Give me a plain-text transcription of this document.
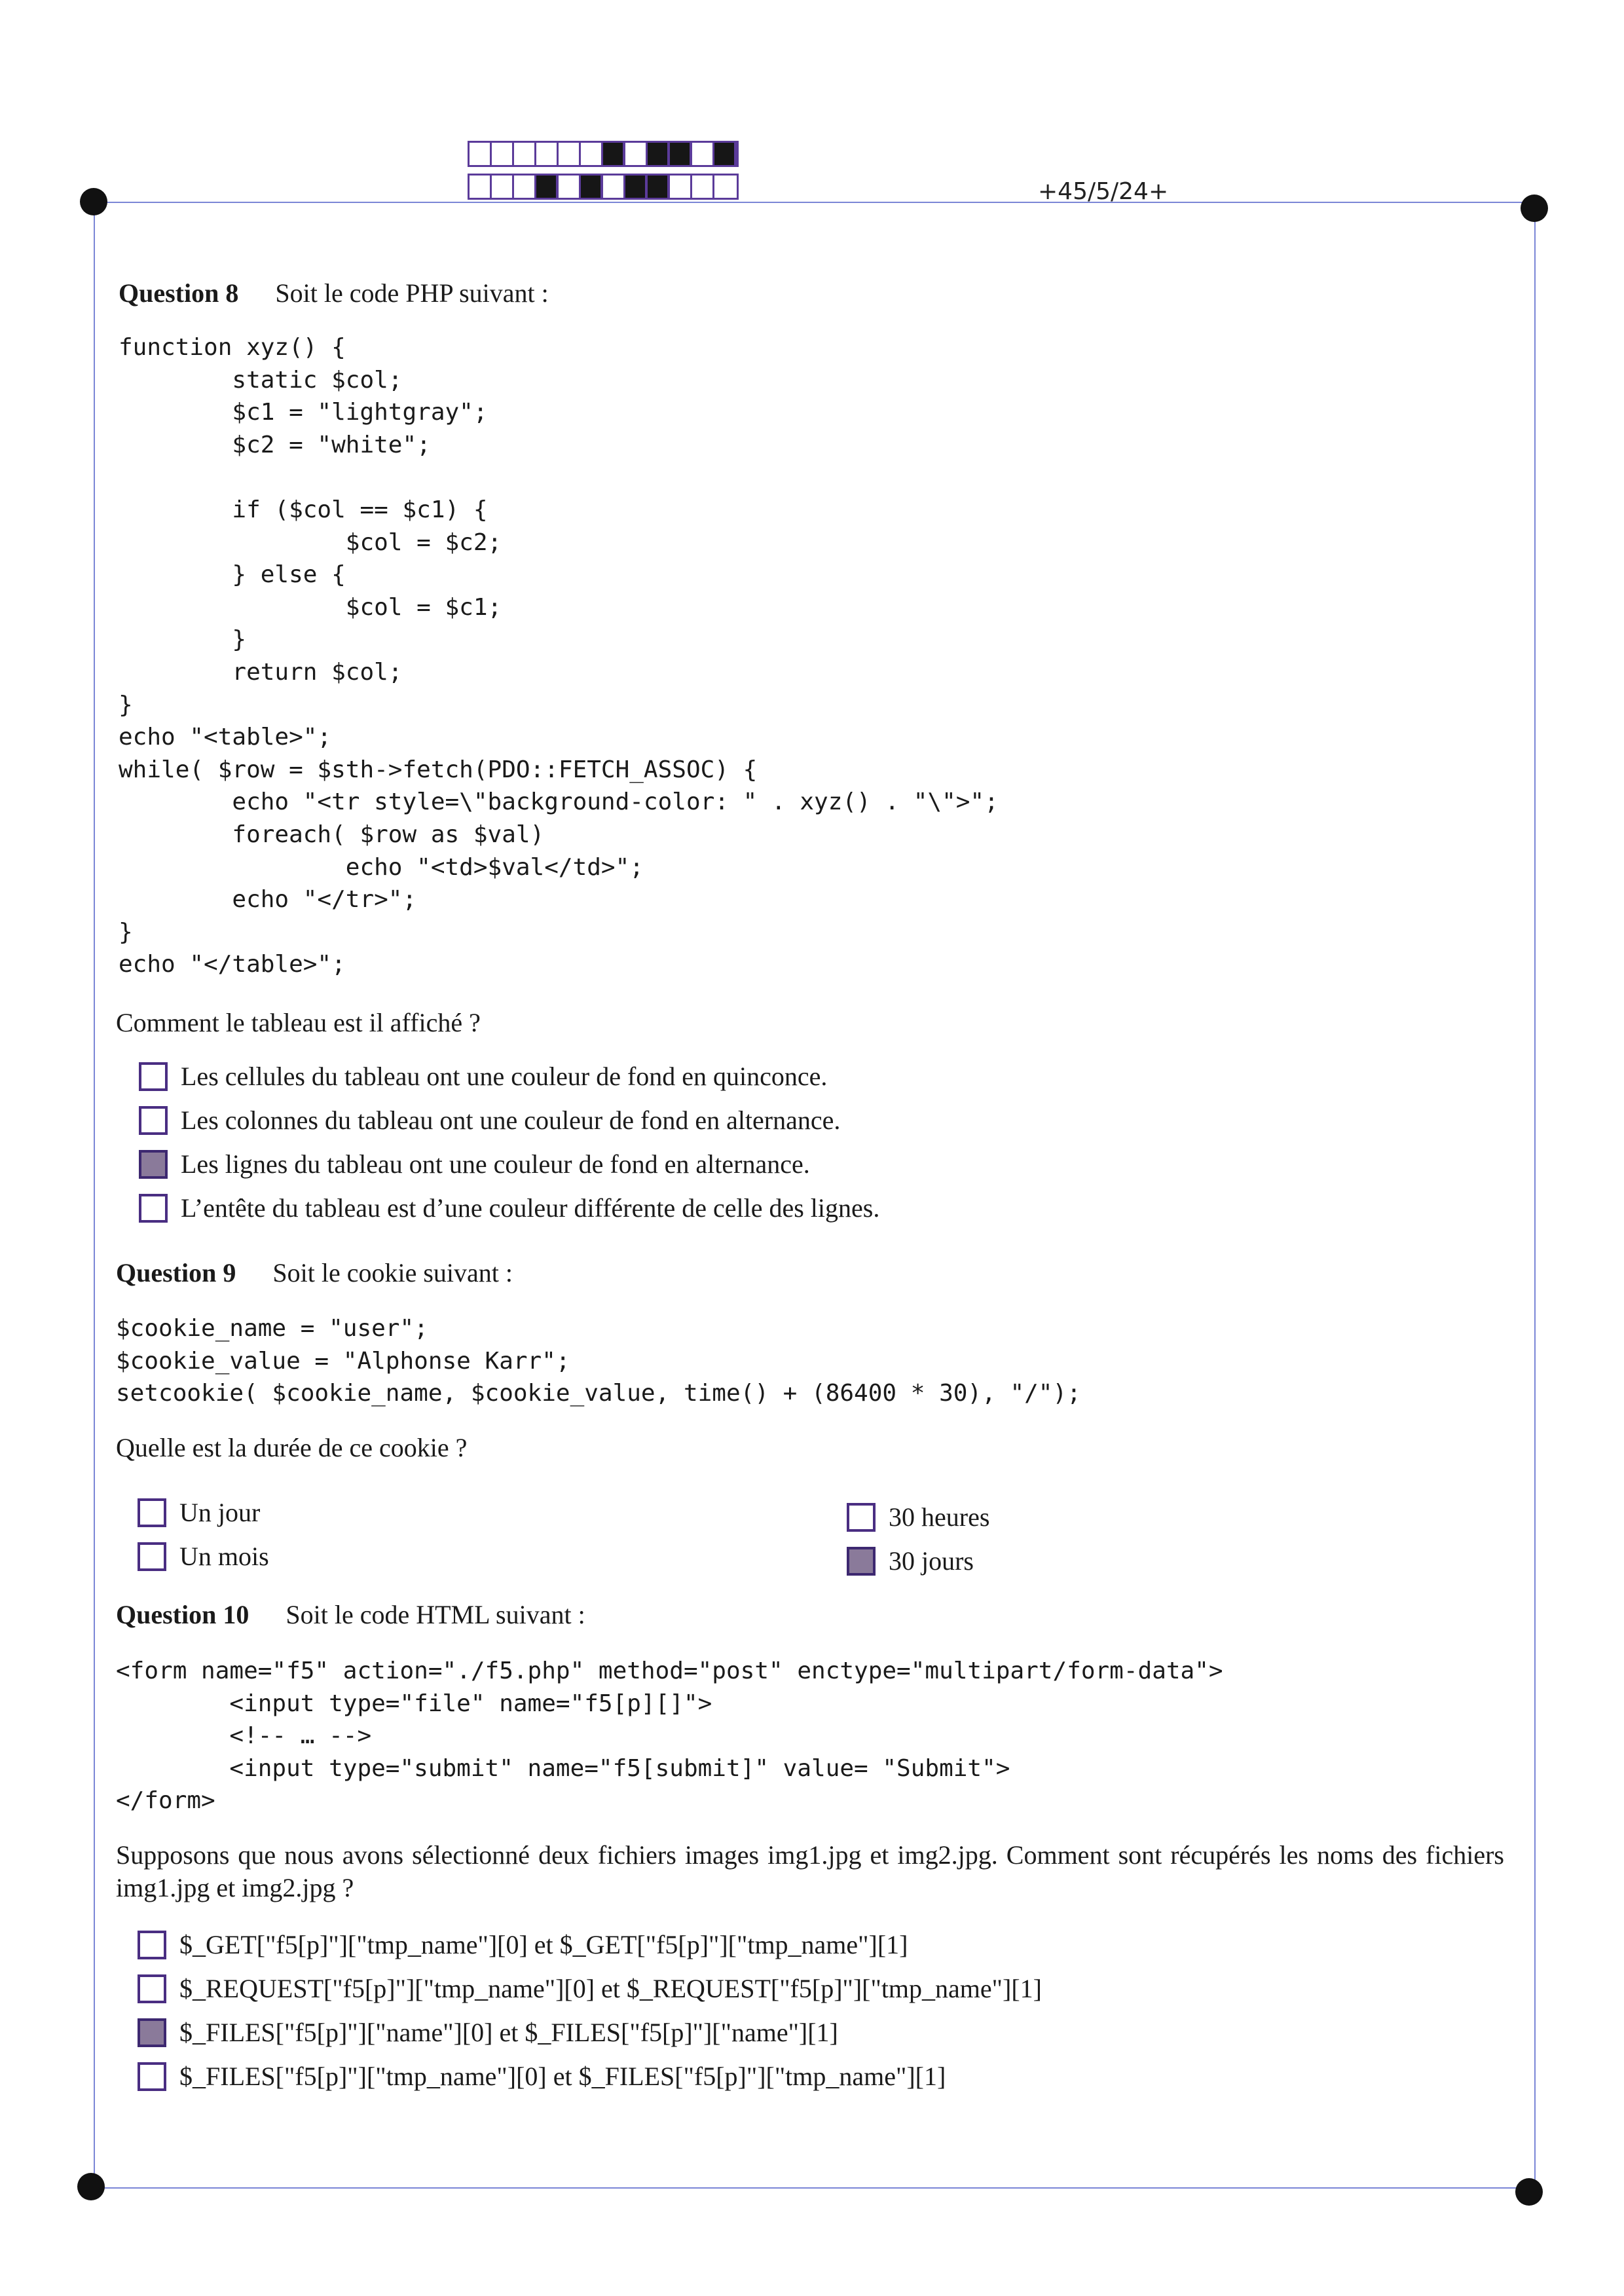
+45/5/24+
Question 8 Soit le code PHP suivant :
function xyz() {
static $col;
$c1 = "lightgray";
$c2 = "white";

if ($col == $c1) {
$col = $c2;
} else {
$col = $c1;
}
return $col;
}
echo "<table>";
while( $row = $sth->fetch(PDO::FETCH_ASSOC) {
echo "<tr style=\"background-color: " . xyz() . "\">";
foreach( $row as $val)
echo "<td>$val</td>";
echo "</tr>";
}
echo "</table>";
Comment le tableau est il affiché ?
Les cellules du tableau ont une couleur de fond en quinconce.
Les colonnes du tableau ont une couleur de fond en alternance.
Les lignes du tableau ont une couleur de fond en alternance.
L’entête du tableau est d’une couleur différente de celle des lignes.
Question 9 Soit le cookie suivant :
$cookie_name = "user";
$cookie_value = "Alphonse Karr";
setcookie( $cookie_name, $cookie_value, time() + (86400 * 30), "/");
Quelle est la durée de ce cookie ?
Un jour
Un mois
30 heures
30 jours
Question 10 Soit le code HTML suivant :
<form name="f5" action="./f5.php" method="post" enctype="multipart/form-data">
<input type="file" name="f5[p][]">
<!-- … -->
<input type="submit" name="f5[submit]" value= "Submit">
</form>
Supposons que nous avons sélectionné deux fichiers images img1.jpg et img2.jpg. Comment sont récupérés les noms des fichiers img1.jpg et img2.jpg ?
$_GET["f5[p]"]["tmp_name"][0] et $_GET["f5[p]"]["tmp_name"][1]
$_REQUEST["f5[p]"]["tmp_name"][0] et $_REQUEST["f5[p]"]["tmp_name"][1]
$_FILES["f5[p]"]["name"][0] et $_FILES["f5[p]"]["name"][1]
$_FILES["f5[p]"]["tmp_name"][0] et $_FILES["f5[p]"]["tmp_name"][1]
